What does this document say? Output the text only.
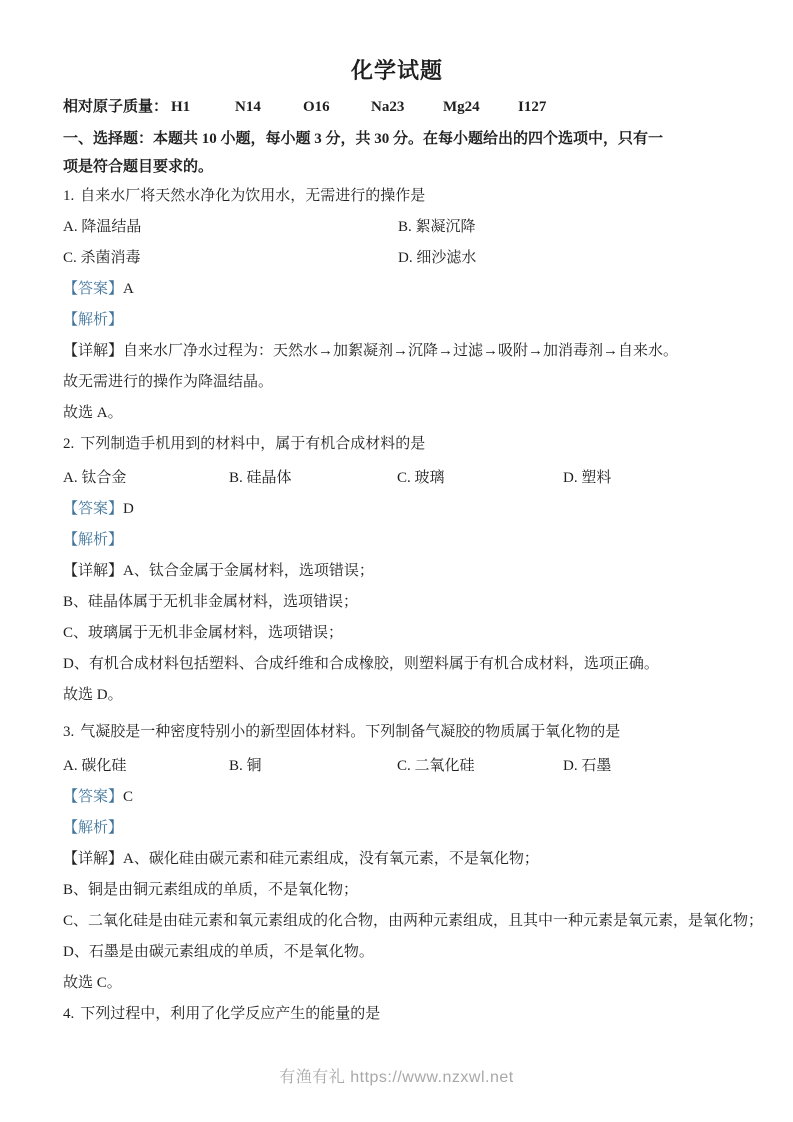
化学试题
相对原子质量： H1	N14	O16	Na23	Mg24	I127

一、选择题：本题共 10 小题，每小题 3 分，共 30 分。在每小题给出的四个选项中，只有一
项是符合题目要求的。

1. 自来水厂将天然水净化为饮用水，无需进行的操作是

A. 降温结晶	B. 絮凝沉降
C. 杀菌消毒	D. 细沙滤水

【答案】A

【解析】

【详解】自来水厂净水过程为：天然水→加絮凝剂→沉降→过滤→吸附→加消毒剂→自来水。

故无需进行的操作为降温结晶。

故选 A。

2. 下列制造手机用到的材料中，属于有机合成材料的是

A. 钛合金	B. 硅晶体	C. 玻璃	D. 塑料

【答案】D

【解析】

【详解】A、钛合金属于金属材料，选项错误；

B、硅晶体属于无机非金属材料，选项错误；

C、玻璃属于无机非金属材料，选项错误；

D、有机合成材料包括塑料、合成纤维和合成橡胶，则塑料属于有机合成材料，选项正确。

故选 D。

3. 气凝胶是一种密度特别小的新型固体材料。下列制备气凝胶的物质属于氧化物的是

A. 碳化硅	B. 铜	C. 二氧化硅	D. 石墨

【答案】C

【解析】

【详解】A、碳化硅由碳元素和硅元素组成，没有氧元素，不是氧化物；

B、铜是由铜元素组成的单质，不是氧化物；

C、二氧化硅是由硅元素和氧元素组成的化合物，由两种元素组成，且其中一种元素是氧元素，是氧化物；

D、石墨是由碳元素组成的单质，不是氧化物。

故选 C。

4. 下列过程中，利用了化学反应产生的能量的是

有渔有礼 https://www.nzxwl.net
